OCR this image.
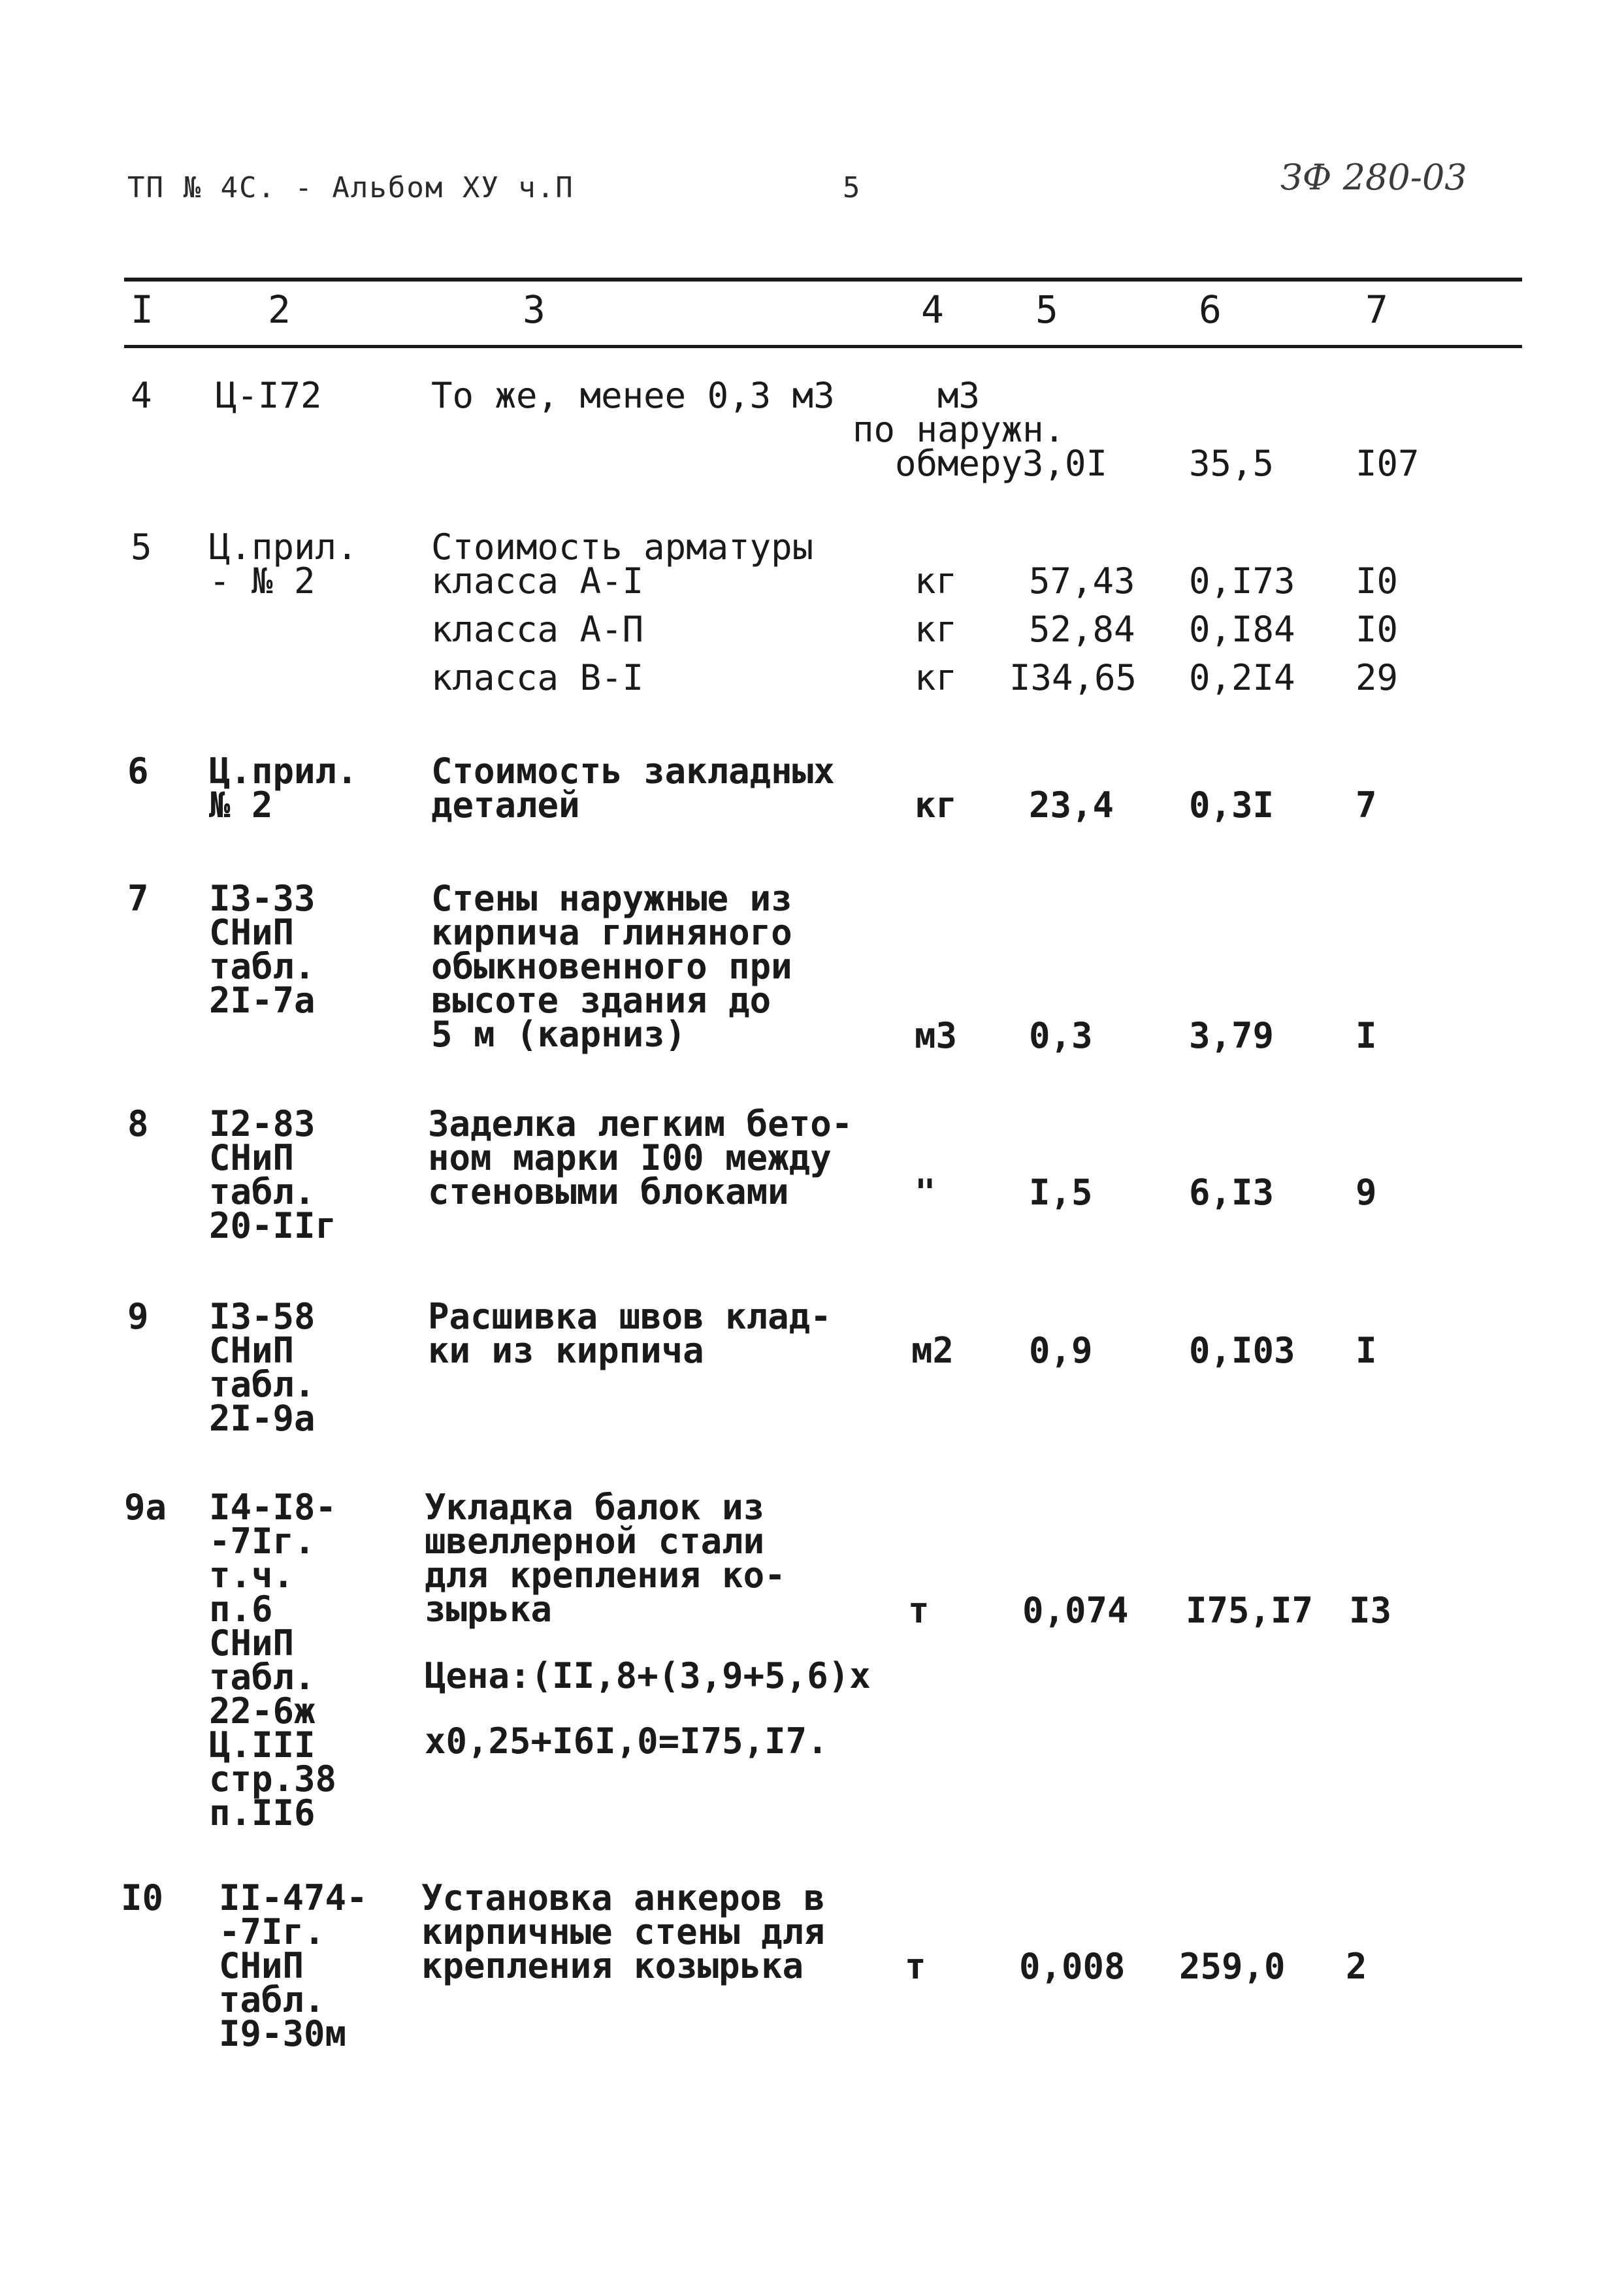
ТП № 4С. - Альбом ХУ ч.П	5	ЗФ 280-03
I	2	3	4 5	6	7
4 Ц-I72	То же, менее 0,3 м3	м3
по наружн.
обмеру 3,0I 35,5 I07
5 Ц.прил.
- № 2
Стоимость арматуры
класса А-I	кг 57,43 0,I73 I0
класса А-П	кг 52,84 0,I84 I0
класса В-I	кг I34,65 0,2I4 29
6 Ц.прил.
№ 2
Стоимость закладных
деталей	кг 23,4 0,3I 7
7 I3-33
СНиП
табл.
2I-7а
Стены наружные из
кирпича глиняного
обыкновенного при
высоте здания до
5 м (карниз)	м3 0,3	3,79 I
8 I2-83
СНиП
табл.
20-IIг
Заделка легким бето-
ном марки I00 между
стеновыми блоками	"	I,5	6,I3 9
9 I3-58
СНиП
табл.
2I-9а
Расшивка швов клад-
ки из кирпича	м2 0,9	0,I03 I
9а I4-I8-
-7Iг.
т.ч.
п.6
СНиП
табл.
22-6ж
Ц.III
стр.38
п.II6
Укладка балок из
швеллерной стали
для крепления ко-
зырька
Цена:(II,8+(3,9+5,6)х
х0,25+I6I,0=I75,I7.
т	0,074 I75,I7 I3
I0 II-474-
-7Iг.
СНиП
табл.
I9-30м
Установка анкеров в
кирпичные стены для
крепления козырька	т	0,008 259,0 2
